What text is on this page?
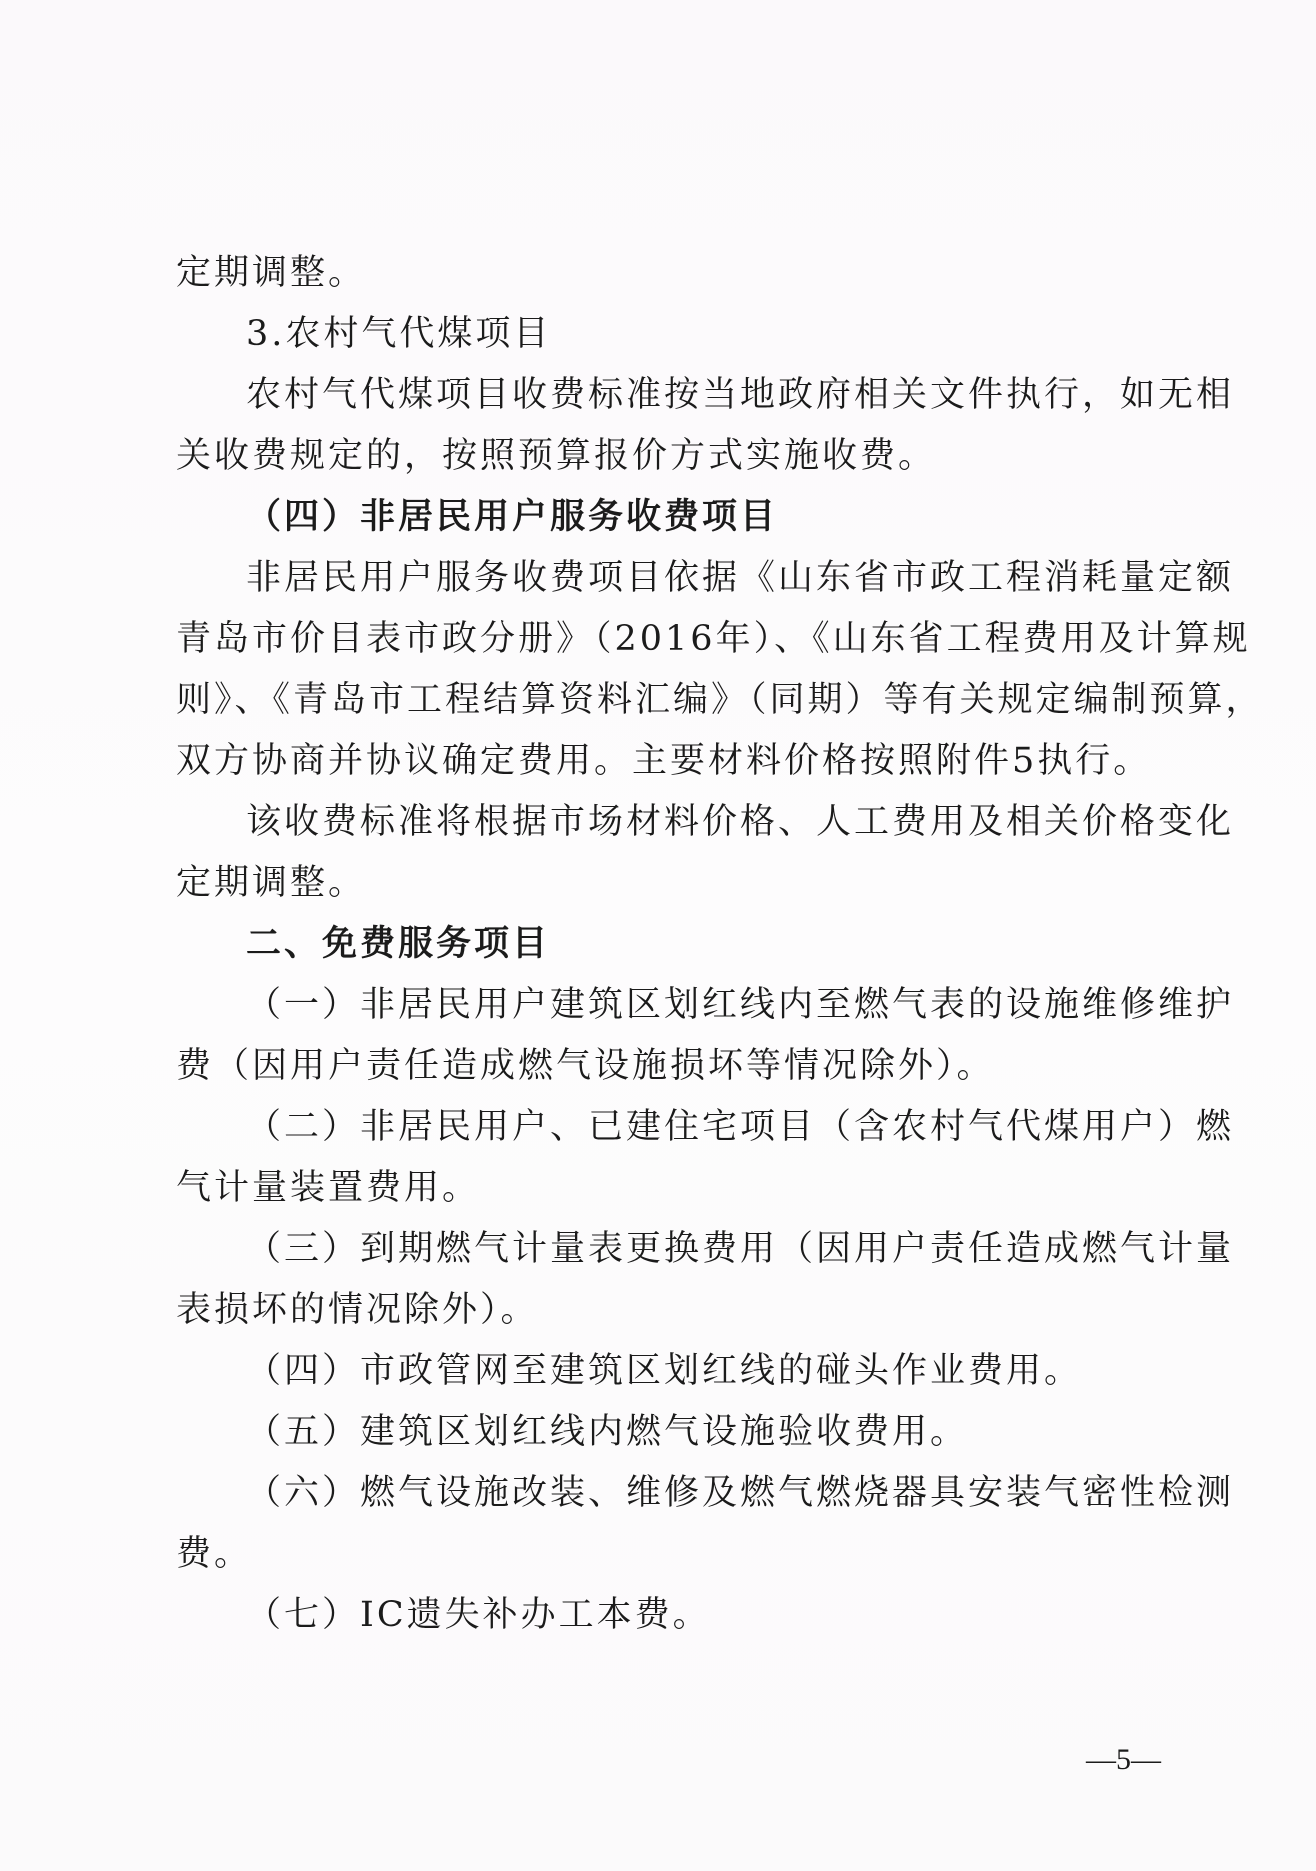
定期调整。
3.农村气代煤项目
农村气代煤项目收费标准按当地政府相关文件执行，如无相
关收费规定的，按照预算报价方式实施收费。
（四）非居民用户服务收费项目
非居民用户服务收费项目依据《山东省市政工程消耗量定额
青岛市价目表市政分册》（2016年）、《山东省工程费用及计算规
则》、《青岛市工程结算资料汇编》（同期）等有关规定编制预算，
双方协商并协议确定费用。主要材料价格按照附件5执行。
该收费标准将根据市场材料价格、人工费用及相关价格变化
定期调整。
二、免费服务项目
（一）非居民用户建筑区划红线内至燃气表的设施维修维护
费（因用户责任造成燃气设施损坏等情况除外）。
（二）非居民用户、已建住宅项目（含农村气代煤用户）燃
气计量装置费用。
（三）到期燃气计量表更换费用（因用户责任造成燃气计量
表损坏的情况除外）。
（四）市政管网至建筑区划红线的碰头作业费用。
（五）建筑区划红线内燃气设施验收费用。
（六）燃气设施改装、维修及燃气燃烧器具安装气密性检测
费。
（七）IC遗失补办工本费。
—5—
